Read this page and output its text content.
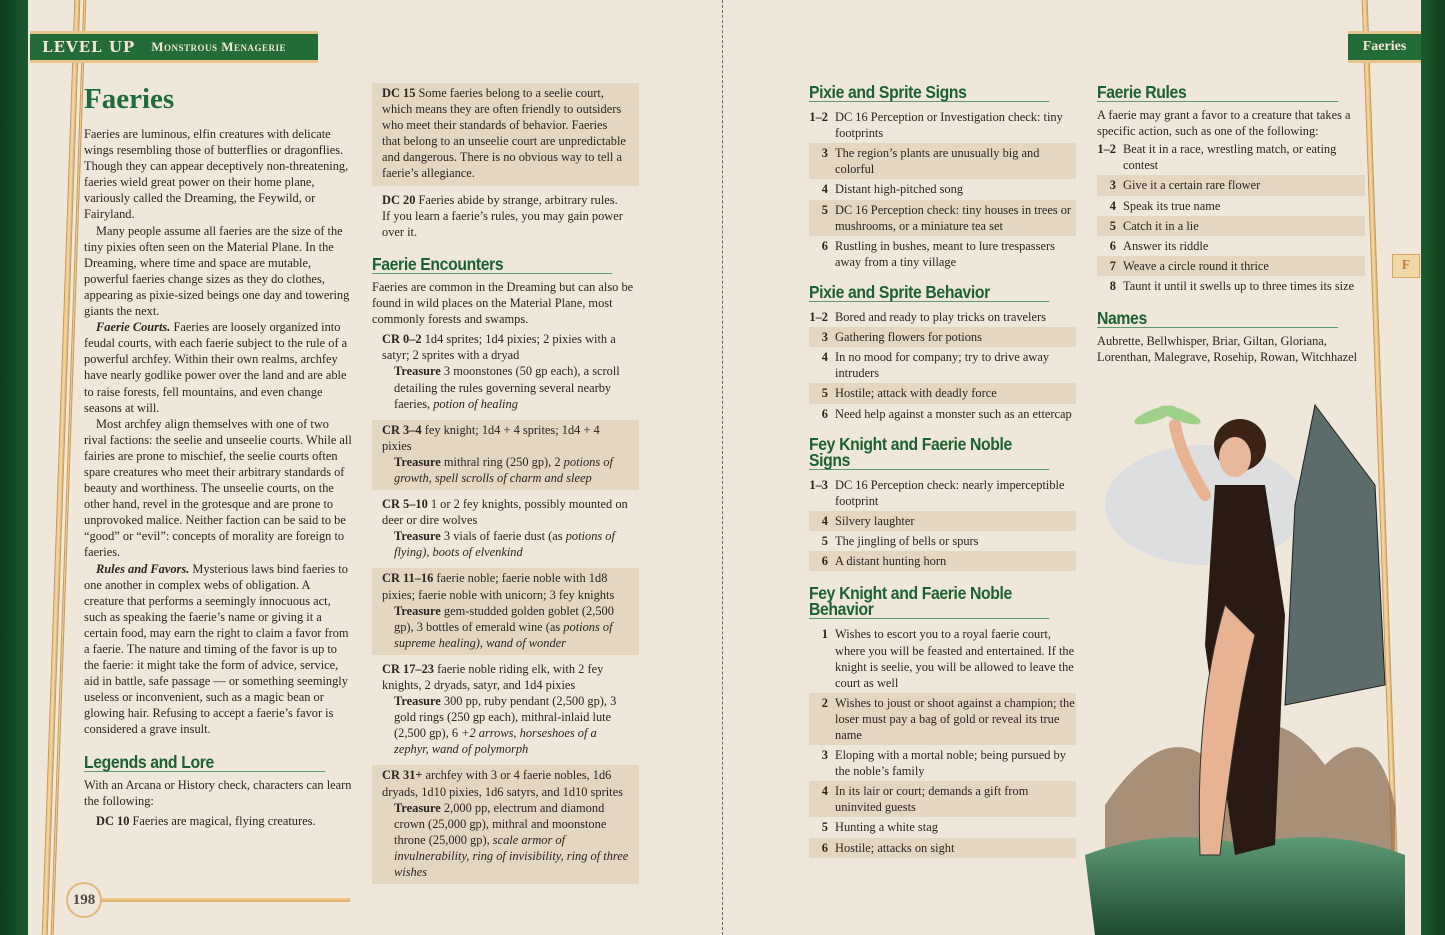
LEVEL UP Monstrous Menagerie	Faeries
F
198
Faeries

Faeries are luminous, elfin creatures with delicate wings resembling those of butterflies or dragonflies. Though they can appear deceptively non-threatening, faeries wield great power on their home plane, variously called the Dreaming, the Feywild, or Fairyland.

Many people assume all faeries are the size of the tiny pixies often seen on the Material Plane. In the Dreaming, where time and space are mutable, powerful faeries change sizes as they do clothes, appearing as pixie-sized beings one day and towering giants the next.

Faerie Courts. Faeries are loosely organized into feudal courts, with each faerie subject to the rule of a powerful archfey. Within their own realms, archfey have nearly godlike power over the land and are able to raise forests, fell mountains, and even change seasons at will.

Most archfey align themselves with one of two rival factions: the seelie and unseelie courts. While all fairies are prone to mischief, the seelie courts often spare creatures who meet their arbitrary standards of beauty and worthiness. The unseelie courts, on the other hand, revel in the grotesque and are prone to unprovoked malice. Neither faction can be said to be “good” or “evil”: concepts of morality are foreign to faeries.

Rules and Favors. Mysterious laws bind faeries to one another in complex webs of obligation. A creature that performs a seemingly innocuous act, such as speaking the faerie’s name or giving it a certain food, may earn the right to claim a favor from a faerie. The nature and timing of the favor is up to the faerie: it might take the form of advice, service, aid in battle, safe passage — or something seemingly useless or inconvenient, such as a magic bean or glowing hair. Refusing to accept a faerie’s favor is considered a grave insult.

Legends and Lore

With an Arcana or History check, characters can learn the following:

DC 10 Faeries are magical, flying creatures.

DC 15 Some faeries belong to a seelie court, which means they are often friendly to outsiders who meet their standards of behavior. Faeries that belong to an unseelie court are unpredictable and dangerous. There is no obvious way to tell a faerie’s allegiance.
DC 20 Faeries abide by strange, arbitrary rules. If you learn a faerie’s rules, you may gain power over it.
Faerie Encounters

Faeries are common in the Dreaming but can also be found in wild places on the Material Plane, most commonly forests and swamps.

CR 0–2 1d4 sprites; 1d4 pixies; 2 pixies with a satyr; 2 sprites with a dryad
Treasure 3 moonstones (50 gp each), a scroll detailing the rules governing several nearby faeries, potion of healing
CR 3–4 fey knight; 1d4 + 4 sprites; 1d4 + 4 pixies
Treasure mithral ring (250 gp), 2 potions of growth, spell scrolls of charm and sleep
CR 5–10 1 or 2 fey knights, possibly mounted on deer or dire wolves
Treasure 3 vials of faerie dust (as potions of flying), boots of elvenkind
CR 11–16 faerie noble; faerie noble with 1d8 pixies; faerie noble with unicorn; 3 fey knights
Treasure gem-studded golden goblet (2,500 gp), 3 bottles of emerald wine (as potions of supreme healing), wand of wonder
CR 17–23 faerie noble riding elk, with 2 fey knights, 2 dryads, satyr, and 1d4 pixies
Treasure 300 pp, ruby pendant (2,500 gp), 3 gold rings (250 gp each), mithral-inlaid lute (2,500 gp), 6 +2 arrows, horseshoes of a zephyr, wand of polymorph
CR 31+ archfey with 3 or 4 faerie nobles, 1d6 dryads, 1d10 pixies, 1d6 satyrs, and 1d10 sprites
Treasure 2,000 pp, electrum and diamond crown (25,000 gp), mithral and moonstone throne (25,000 gp), scale armor of invulnerability, ring of invisibility, ring of three wishes
Pixie and Sprite Signs
1–2 DC 16 Perception or Investigation check: tiny footprints
3 The region’s plants are unusually big and colorful
4 Distant high-pitched song
5 DC 16 Perception check: tiny houses in trees or mushrooms, or a miniature tea set
6 Rustling in bushes, meant to lure trespassers away from a tiny village
Pixie and Sprite Behavior
1–2 Bored and ready to play tricks on travelers
3 Gathering flowers for potions
4 In no mood for company; try to drive away intruders
5 Hostile; attack with deadly force
6 Need help against a monster such as an ettercap
Fey Knight and Faerie Noble Signs
1–3 DC 16 Perception check: nearly imperceptible footprint
4 Silvery laughter
5 The jingling of bells or spurs
6 A distant hunting horn
Fey Knight and Faerie Noble Behavior
1 Wishes to escort you to a royal faerie court, where you will be feasted and entertained. If the knight is seelie, you will be allowed to leave the court as well
2 Wishes to joust or shoot against a champion; the loser must pay a bag of gold or reveal its true name
3 Eloping with a mortal noble; being pursued by the noble’s family
4 In its lair or court; demands a gift from uninvited guests
5 Hunting a white stag
6 Hostile; attacks on sight
Faerie Rules

A faerie may grant a favor to a creature that takes a specific action, such as one of the following:

1–2 Beat it in a race, wrestling match, or eating contest
3 Give it a certain rare flower
4 Speak its true name
5 Catch it in a lie
6 Answer its riddle
7 Weave a circle round it thrice
8 Taunt it until it swells up to three times its size
Names

Aubrette, Bellwhisper, Briar, Giltan, Gloriana, Lorenthan, Malegrave, Rosehip, Rowan, Witchhazel
